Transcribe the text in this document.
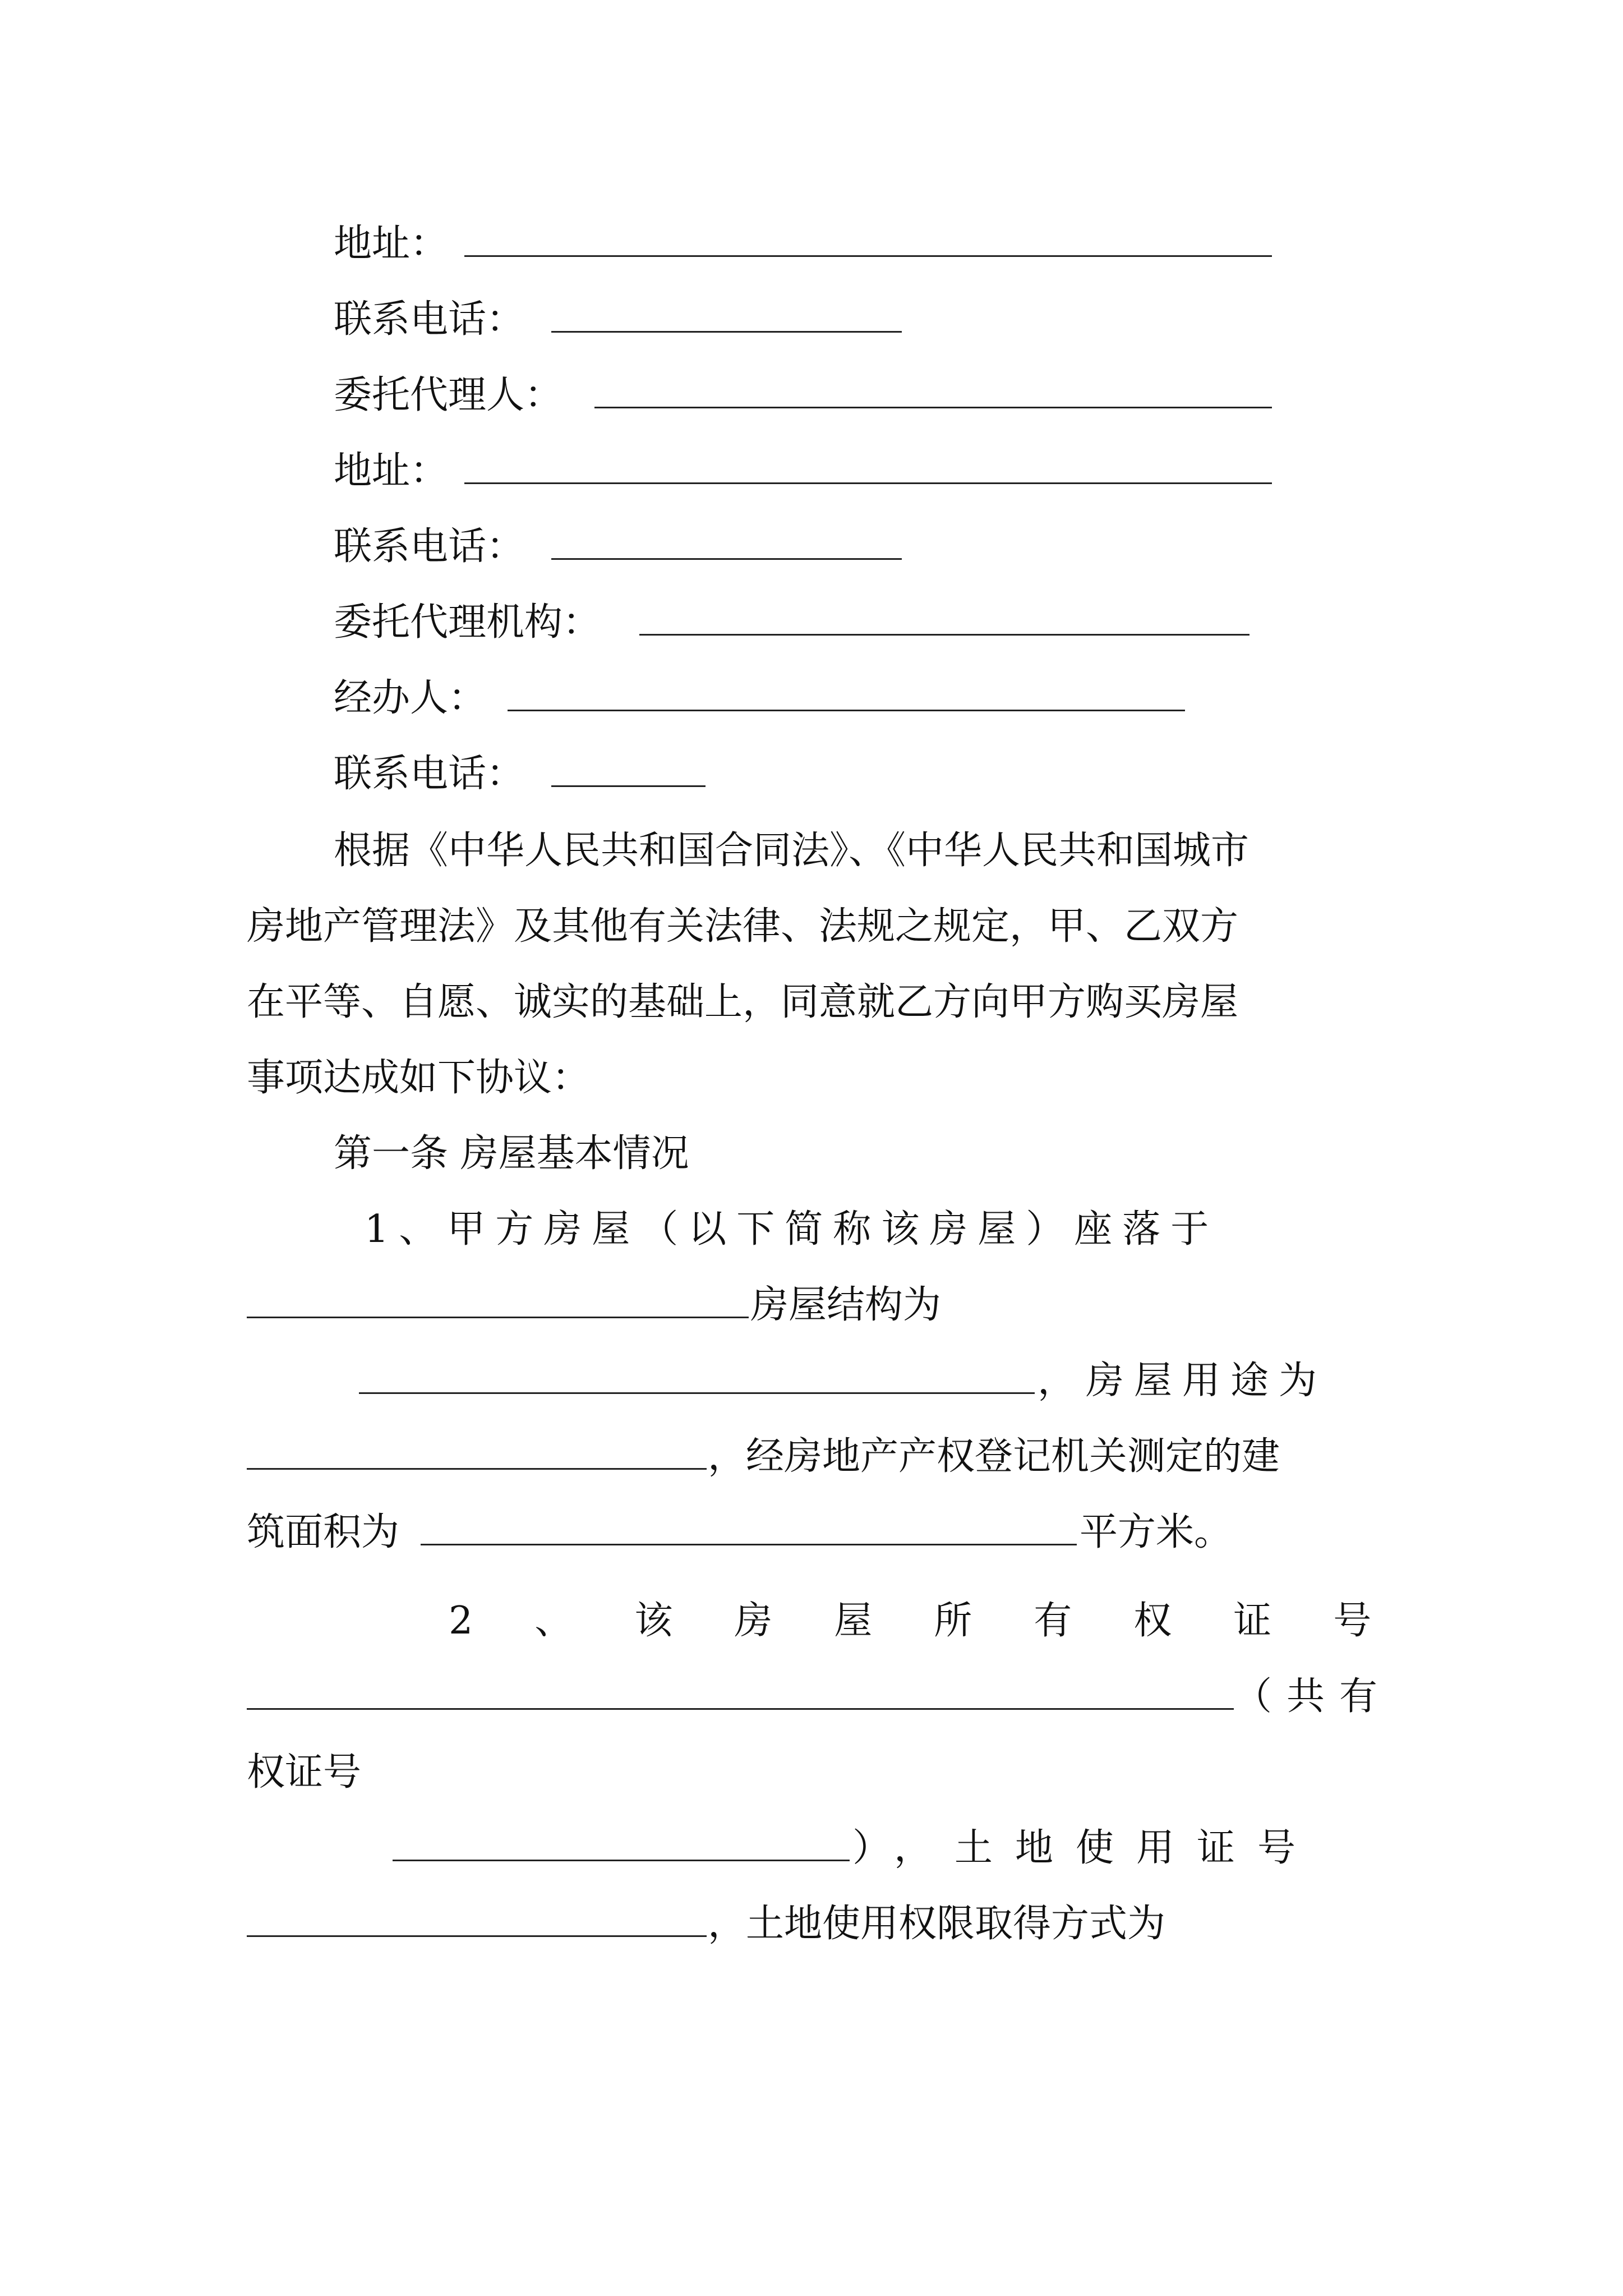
地址：
联系电话：
委托代理人：
地址：
联系电话：
委托代理机构：
经办人：
联系电话：
根据《中华人民共和国合同法》、《中华人民共和国城市
房地产管理法》及其他有关法律、法规之规定，甲、乙双方
在平等、自愿、诚实的基础上，同意就乙方向甲方购买房屋
事项达成如下协议：
第一条 房屋基本情况
1、甲方房屋（以下简称该房屋）座落于
房屋结构为
，房屋用途为
，经房地产产权登记机关测定的建
筑面积为	平方米。
2、该房屋所有权证号
（共有
权证号
），土地使用证号
，土地使用权限取得方式为
